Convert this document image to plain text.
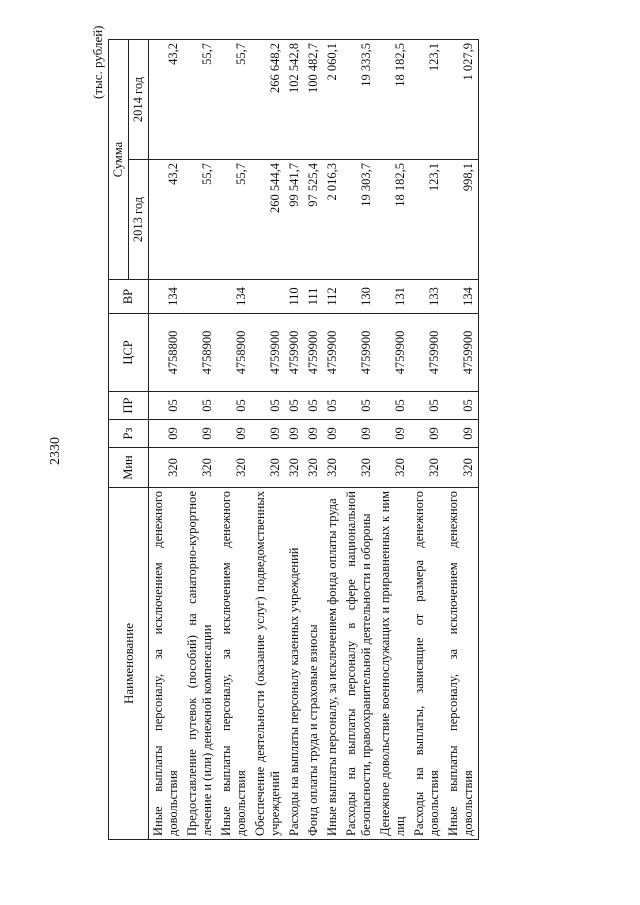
2330
(тыс. рублей)
Наименование	Мин	Рз	ПР	ЦСР	ВР	Сумма	
						2013 год	2014 год
Иные выплаты персоналу, за исключением денежного довольствия	320	09	05	4758800	134	43,2	43,2
Предоставление путевок (пособий) на санаторно-курортное лечение и (или) денежной компенсации	320	09	05	4758900		55,7	55,7
Иные выплаты персоналу, за исключением денежного довольствия	320	09	05	4758900	134	55,7	55,7
Обеспечение деятельности (оказание услуг) подведомственных учреждений	320	09	05	4759900		260 544,4	266 648,2
Расходы на выплаты персоналу казенных учреждений	320	09	05	4759900	110	99 541,7	102 542,8
Фонд оплаты труда и страховые взносы	320	09	05	4759900	111	97 525,4	100 482,7
Иные выплаты персоналу, за исключением фонда оплаты труда	320	09	05	4759900	112	2 016,3	2 060,1
Расходы на выплаты персоналу в сфере национальной безопасности, правоохранительной деятельности и обороны	320	09	05	4759900	130	19 303,7	19 333,5
Денежное довольствие военнослужащих и приравненных к ним лиц	320	09	05	4759900	131	18 182,5	18 182,5
Расходы на выплаты, зависящие от размера денежного довольствия	320	09	05	4759900	133	123,1	123,1
Иные выплаты персоналу, за исключением денежного довольствия	320	09	05	4759900	134	998,1	1 027,9
